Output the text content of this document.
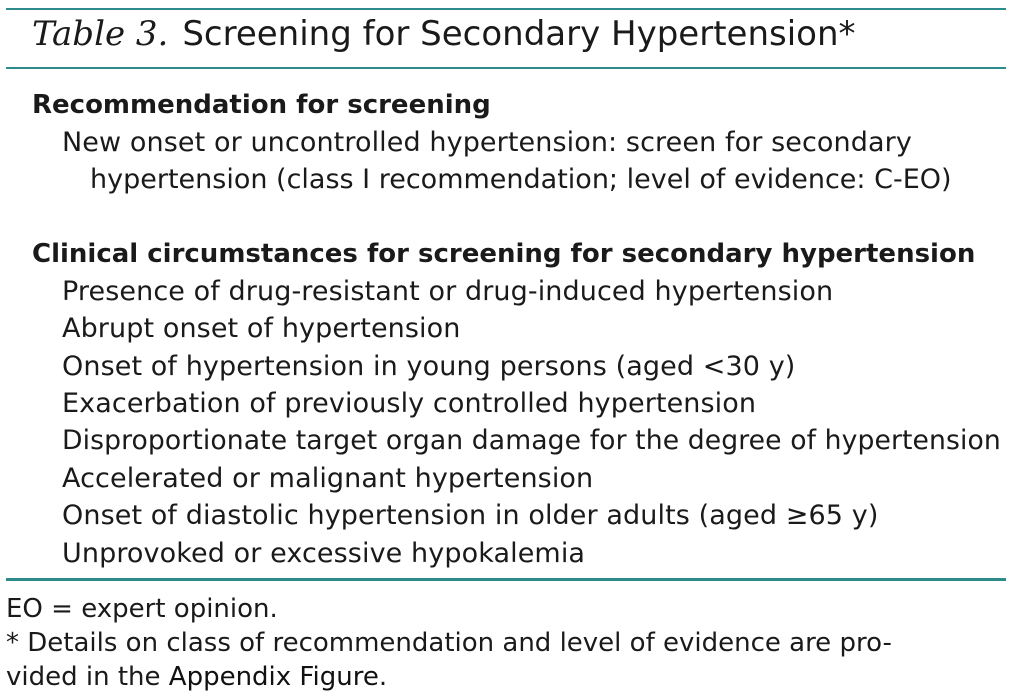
Table 3. Screening for Secondary Hypertension*
Recommendation for screening
New onset or uncontrolled hypertension: screen for secondary
hypertension (class I recommendation; level of evidence: C-EO)
Clinical circumstances for screening for secondary hypertension
Presence of drug-resistant or drug-induced hypertension
Abrupt onset of hypertension
Onset of hypertension in young persons (aged <30 y)
Exacerbation of previously controlled hypertension
Disproportionate target organ damage for the degree of hypertension
Accelerated or malignant hypertension
Onset of diastolic hypertension in older adults (aged ≥65 y)
Unprovoked or excessive hypokalemia
EO = expert opinion.
* Details on class of recommendation and level of evidence are pro-
vided in the Appendix Figure.
